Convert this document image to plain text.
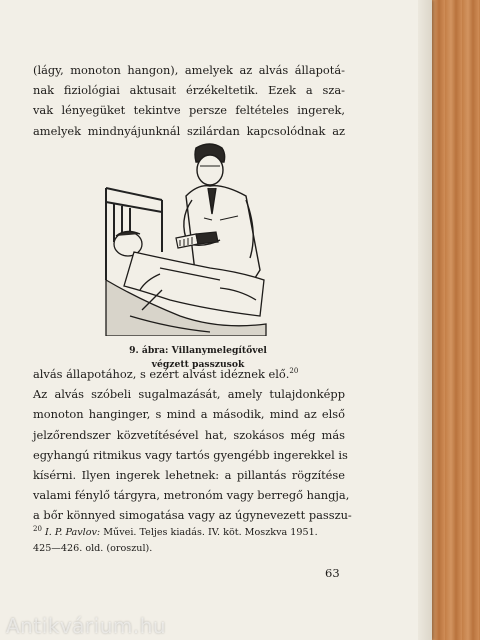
(lágy, monoton hangon), amelyek az alvás állapotá-
nak fiziológiai aktusait érzékeltetik. Ezek a sza-
vak lényegüket tekintve persze feltételes ingerek,
amelyek mindnyájunknál szilárdan kapcsolódnak az
9. ábra: Villanymelegítővel
végzett passzusok
alvás állapotához, s ezért alvást idéznek elő.$^{20}$
Az alvás szóbeli sugalmazását, amely tulajdonképp
monoton hanginger, s mind a második, mind az első
jelzőrendszer közvetítésével hat, szokásos még más
egyhangú ritmikus vagy tartós gyengébb ingerekkel is
kísérni. Ilyen ingerek lehetnek: a pillantás rögzítése
valami fénylő tárgyra, metronóm vagy berregő hangja,
a bőr könnyed simogatása vagy az úgynevezett passzu-
$^{20}$ I. P. Pavlov: Művei. Teljes kiadás. IV. köt. Moszkva 1951.
425—426. old. (oroszul).
63
Antikvárium.hu
